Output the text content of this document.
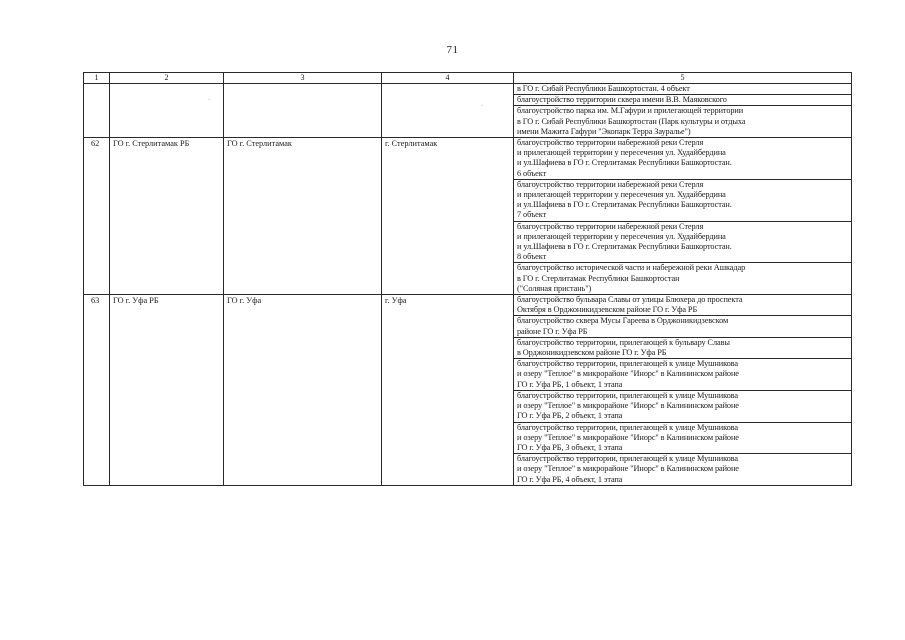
71
1	2	3	4	5

				в ГО г. Сибай Республики Башкортостан. 4 объект

				благоустройство территории сквера имени В.В. Маяковского

				благоустройство парка им. М.Гафури и прилегающей территории
в ГО г. Сибай Республики Башкортостан (Парк культуры и отдыха
имени Мажита Гафури "Экопарк Терра Зауралье")

62	ГО г. Стерлитамак РБ	ГО г. Стерлитамак	г. Стерлитамак	благоустройство территории набережной реки Стерля
и прилегающей территории у пересечения ул. Худайбердина
и ул.Шафиева в ГО г. Стерлитамак Республики Башкортостан.
6 объект

				благоустройство территории набережной реки Стерля
и прилегающей территории у пересечения ул. Худайбердина
и ул.Шафиева в ГО г. Стерлитамак Республики Башкортостан.
7 объект

				благоустройство территории набережной реки Стерля
и прилегающей территории у пересечения ул. Худайбердина
и ул.Шафиева в ГО г. Стерлитамак Республики Башкортостан.
8 объект

				благоустройство исторической части и набережной реки Ашкадар
в ГО г. Стерлитамак Республики Башкортостан
("Соляная пристань")

63	ГО г. Уфа РБ	ГО г. Уфа	г. Уфа	благоустройство бульвара Славы от улицы Блюхера до проспекта
Октября в Орджоникидзевском районе ГО г. Уфа РБ

				благоустройство сквера Мусы Гареева в Орджоникидзевском
районе ГО г. Уфа РБ

				благоустройство территории, прилегающей к бульвару Славы
в Орджоникидзевском районе ГО г. Уфа РБ

				благоустройство территории, прилегающей к улице Мушникова
и озеру "Теплое" в микрорайоне "Инорс" в Калининском районе
ГО г. Уфа РБ, 1 объект, 1 этапа

				благоустройство территории, прилегающей к улице Мушникова
и озеру "Теплое" в микрорайоне "Инорс" в Калининском районе
ГО г. Уфа РБ, 2 объект, 1 этапа

				благоустройство территории, прилегающей к улице Мушникова
и озеру "Теплое" в микрорайоне "Инорс" в Калининском районе
ГО г. Уфа РБ, 3 объект, 1 этапа

				благоустройство территории, прилегающей к улице Мушникова
и озеру "Теплое" в микрорайоне "Инорс" в Калининском районе
ГО г. Уфа РБ, 4 объект, 1 этапа
·
·
